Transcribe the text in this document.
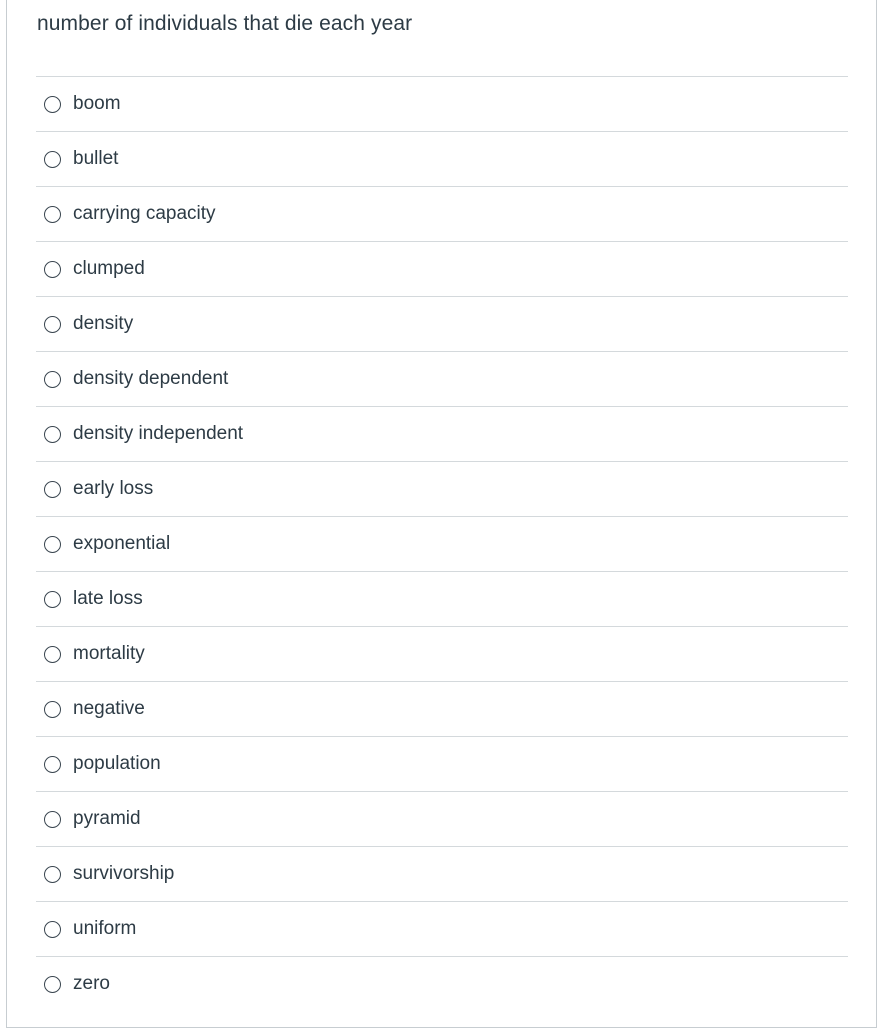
number of individuals that die each year
boom
bullet
carrying capacity
clumped
density
density dependent
density independent
early loss
exponential
late loss
mortality
negative
population
pyramid
survivorship
uniform
zero
